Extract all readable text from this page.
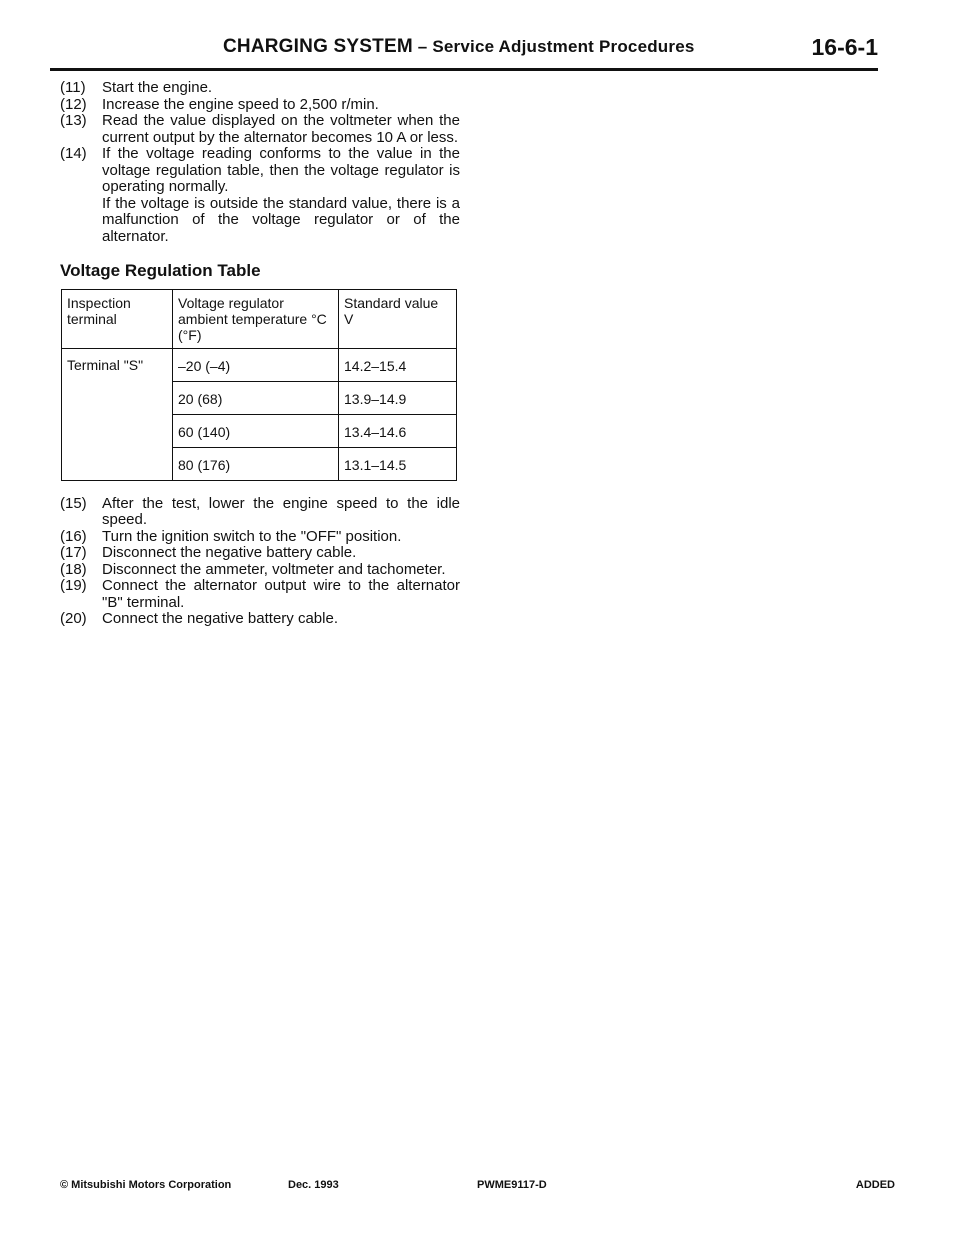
CHARGING SYSTEM – Service Adjustment Procedures	16-6-1
(11)	Start the engine.
(12)	Increase the engine speed to 2,500 r/min.
(13)	Read the value displayed on the voltmeter when the current output by the alternator becomes 10 A or less.
(14)	If the voltage reading conforms to the value in the voltage regulation table, then the voltage regulator is operating normally.

If the voltage is outside the standard value, there is a malfunction of the voltage regulator or of the alternator.

Voltage Regulation Table
Inspection terminal	Voltage regulator ambient temperature °C (°F)	Standard value V
Terminal "S"	–20 (–4)	14.2–15.4
	20 (68)	13.9–14.9
	60 (140)	13.4–14.6
	80 (176)	13.1–14.5
(15)	After the test, lower the engine speed to the idle speed.
(16)	Turn the ignition switch to the "OFF" position.
(17)	Disconnect the negative battery cable.
(18)	Disconnect the ammeter, voltmeter and tachometer.
(19)	Connect the alternator output wire to the alternator "B" terminal.
(20)	Connect the negative battery cable.
© Mitsubishi Motors Corporation	Dec. 1993	PWME9117-D	ADDED
